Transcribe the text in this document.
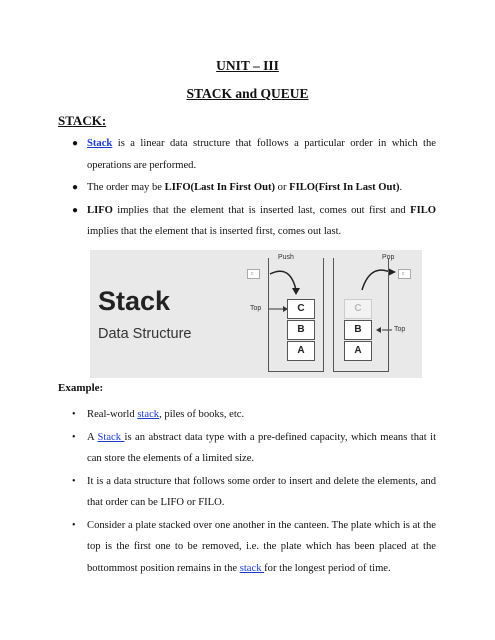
UNIT – III
STACK and QUEUE
STACK:
● Stack is a linear data structure that follows a particular order in which the operations are performed.
● The order may be LIFO(Last In First Out) or FILO(First In Last Out).
● LIFO implies that the element that is inserted last, comes out first and FILO implies that the element that is inserted first, comes out last.
Stack
Data Structure
Push	Pop
c	c
Top
Top
C
B
A
C
B
A
Example:
• Real-world stack, piles of books, etc.
• A Stack is an abstract data type with a pre-defined capacity, which means that it can store the elements of a limited size.
• It is a data structure that follows some order to insert and delete the elements, and that order can be LIFO or FILO.
• Consider a plate stacked over one another in the canteen. The plate which is at the top is the first one to be removed, i.e. the plate which has been placed at the bottommost position remains in the stack for the longest period of time.
